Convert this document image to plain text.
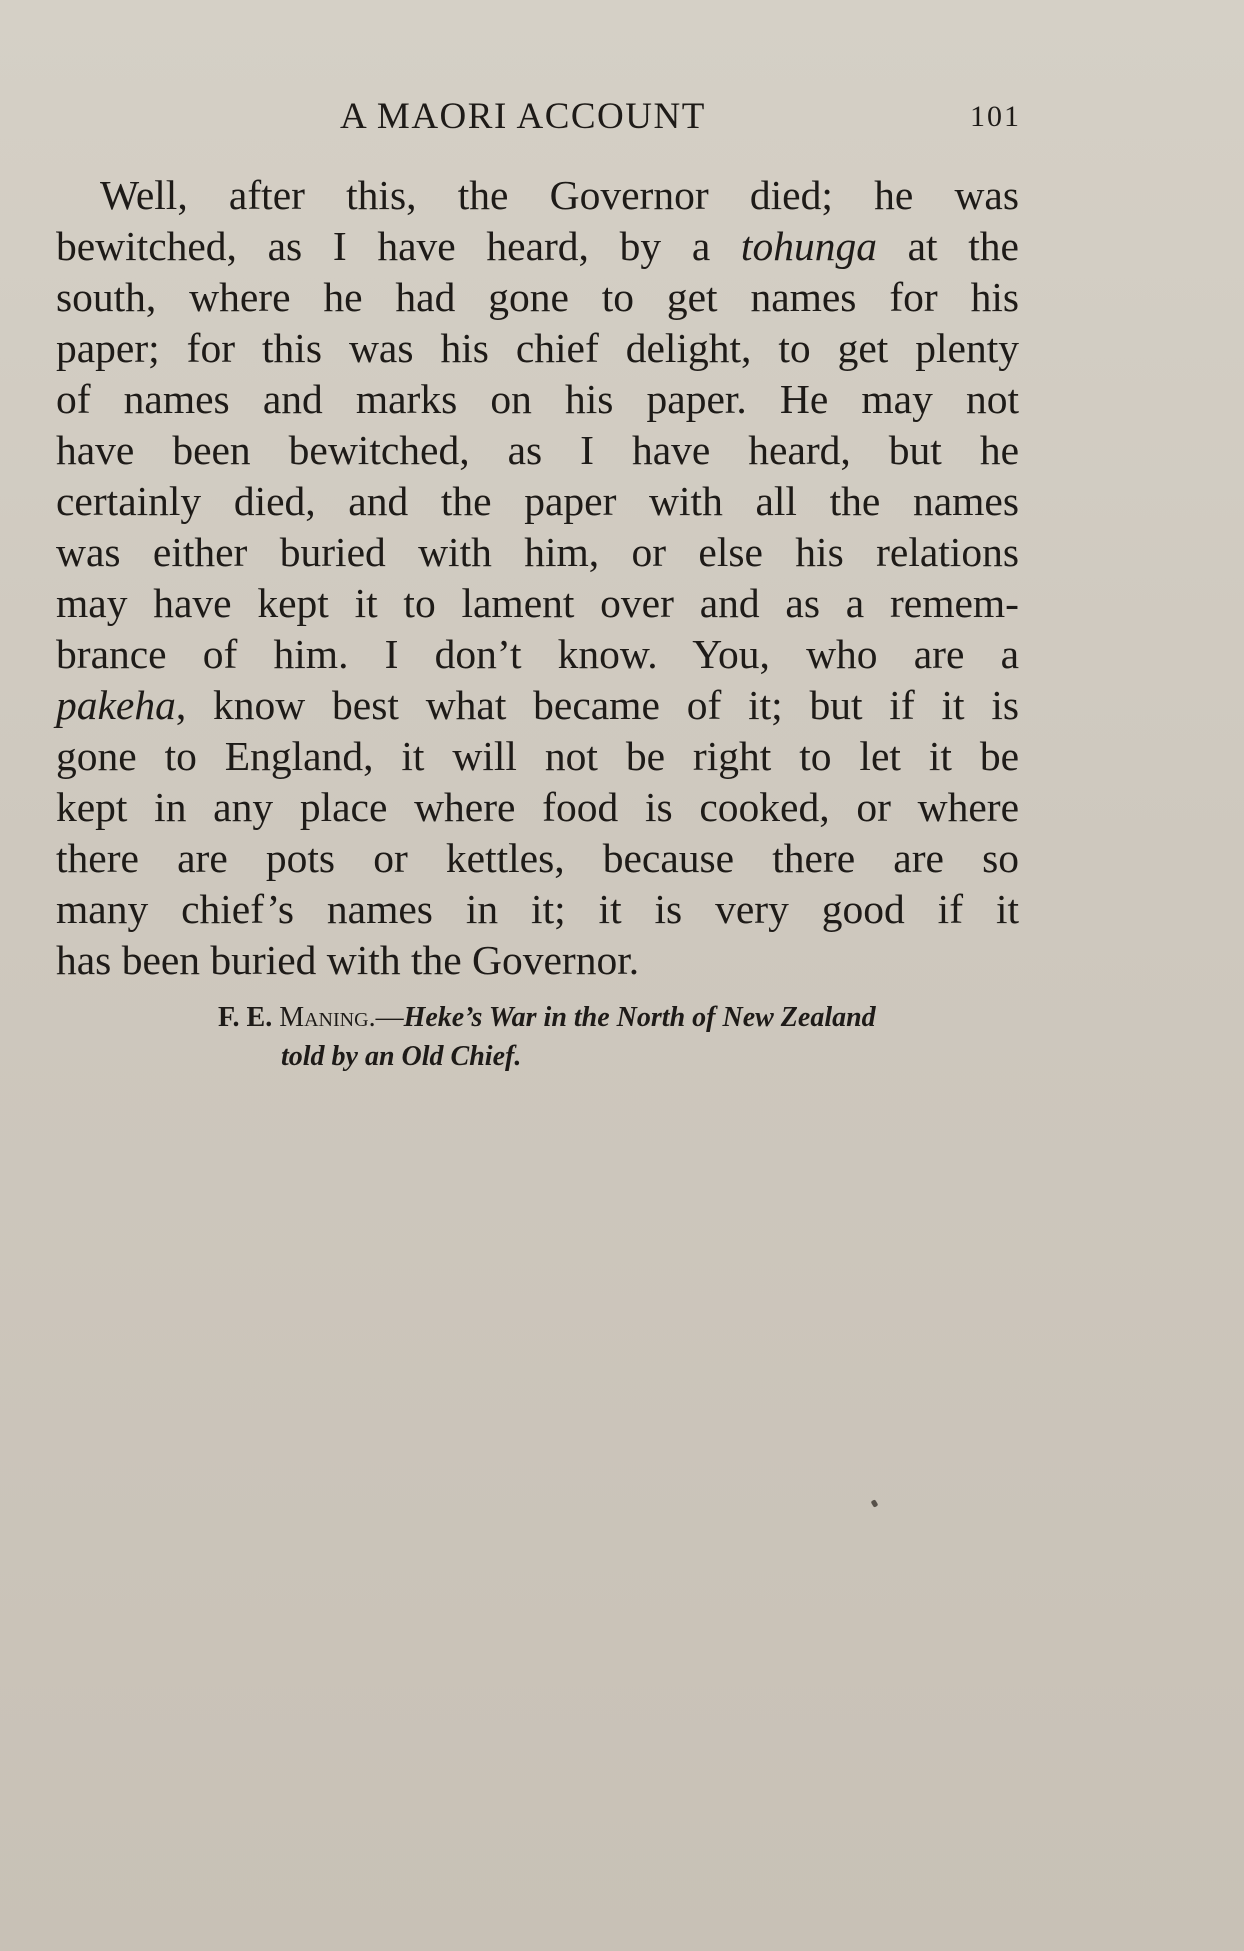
A MAORI ACCOUNT	101
Well, after this, the Governor died; he was
bewitched, as I have heard, by a tohunga at the
south, where he had gone to get names for his
paper; for this was his chief delight, to get plenty
of names and marks on his paper. He may not
have been bewitched, as I have heard, but he
certainly died, and the paper with all the names
was either buried with him, or else his relations
may have kept it to lament over and as a remem-
brance of him. I don’t know. You, who are a
pakeha, know best what became of it; but if it is
gone to England, it will not be right to let it be
kept in any place where food is cooked, or where
there are pots or kettles, because there are so
many chief’s names in it; it is very good if it
has been buried with the Governor.
F. E. Maning.—Heke’s War in the North of New Zealand
told by an Old Chief.
